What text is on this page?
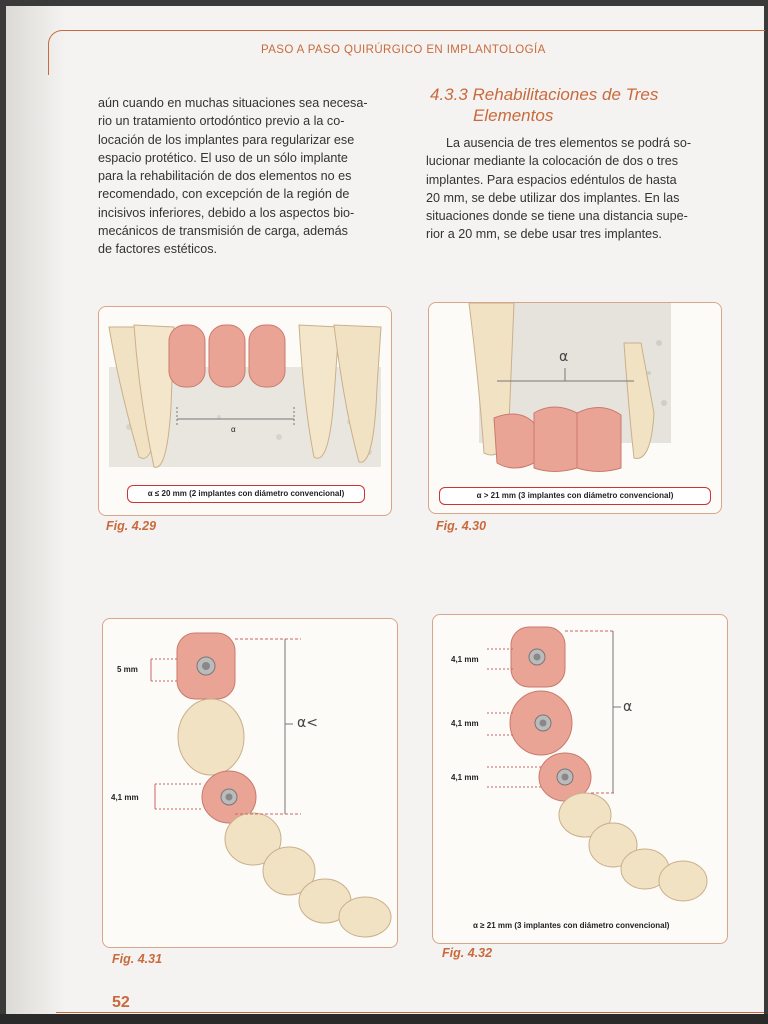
PASO A PASO QUIRÚRGICO EN IMPLANTOLOGÍA
aún cuando en muchas situaciones sea necesa-
rio un tratamiento ortodóntico previo a la co-
locación de los implantes para regularizar ese
espacio protético. El uso de un sólo implante
para la rehabilitación de dos elementos no es
recomendado, con excepción de la región de
incisivos inferiores, debido a los aspectos bio-
mecánicos de transmisión de carga, además
de factores estéticos.
4.3.3 Rehabilitaciones de Tres
Elementos
La ausencia de tres elementos se podrá so-
lucionar mediante la colocación de dos o tres
implantes. Para espacios edéntulos de hasta
20 mm, se debe utilizar dos implantes. En las
situaciones donde se tiene una distancia supe-
rior a 20 mm, se debe usar tres implantes.
α
α ≤ 20 mm (2 implantes con diámetro convencional)
Fig. 4.29
α
α > 21 mm (3 implantes con diámetro convencional)
Fig. 4.30
5 mm
4,1 mm
α<
Fig. 4.31
4,1 mm
4,1 mm
4,1 mm
α
α ≥ 21 mm (3 implantes con diámetro convencional)
Fig. 4.32
52
